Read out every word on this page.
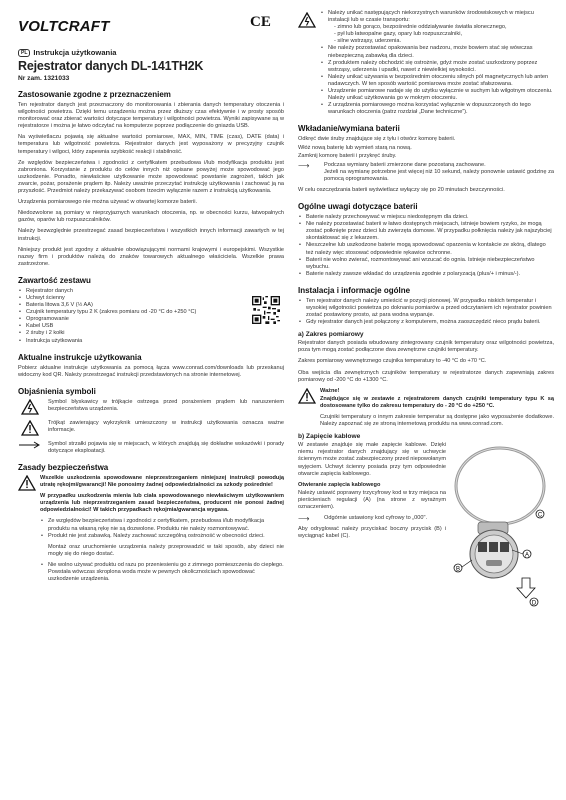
VOLTCRAFT
PL Instrukcja użytkowania
Rejestrator danych DL-141TH2K
Nr zam. 1321033
Zastosowanie zgodne z przeznaczeniem

Ten rejestrator danych jest przeznaczony do monitorowania i zbierania danych temperatury otoczenia i wilgotności powietrza. Dzięki temu urządzeniu można przez dłuższy czas efektywnie i w prosty sposób monitorować oraz zbierać wartości dotyczące temperatury i wilgotności powietrza. Wyniki zapisywane są w rejestratorze i można je łatwo odczytać na komputerze poprzez podłączenie do gniazda USB.

Na wyświetlaczu pojawią się aktualne wartości pomiarowe, MAX, MIN, TIME (czas), DATE (data) i temperatura lub wilgotność powietrza. Rejestrator danych jest wyposażony w precyzyjny czujnik temperatury i wilgoci, który zapewnia szybkość reakcji i stabilność.

Ze względów bezpieczeństwa i zgodności z certyfikatem przebudowa i/lub modyfikacja produktu jest zabroniona. Korzystanie z produktu do celów innych niż opisane powyżej może spowodować jego uszkodzenie. Ponadto, niewłaściwe użytkowanie może spowodować powstanie zagrożeń, takich jak zwarcie, pożar, porażenie prądem itp. Należy uważnie przeczytać instrukcję użytkowania i zachować ją na przyszłość. Przedmiot należy przekazywać osobom trzecim wyłącznie razem z instrukcją użytkowania.

Urządzenia pomiarowego nie można używać w otwartej komorze baterii.

Niedozwolone są pomiary w nieprzyjaznych warunkach otoczenia, np. w obecności kurzu, łatwopalnych gazów, oparów lub rozpuszczalników.

Należy bezwzględnie przestrzegać zasad bezpieczeństwa i wszystkich innych informacji zawartych w tej instrukcji.

Niniejszy produkt jest zgodny z aktualnie obowiązującymi normami krajowymi i europejskimi. Wszystkie nazwy firm i produktów należą do znaków towarowych aktualnego właściciela. Wszelkie prawa zastrzeżone.

Zawartość zestawu
• Rejestrator danych
• Uchwyt ścienny
• Bateria litowa 3,6 V (½ AA)
• Czujnik temperatury typu 2 K (zakres pomiaru od -20 °C do +250 °C)
• Oprogramowanie
• Kabel USB
• 2 śruby i 2 kołki
• Instrukcja użytkowania
Aktualne instrukcje użytkowania

Pobierz aktualne instrukcje użytkowania za pomocą łącza www.conrad.com/downloads lub przeskanuj widoczny kod QR. Należy przestrzegać instrukcji przedstawionych na stronie internetowej.

Objaśnienia symboli

Symbol błyskawicy w trójkącie ostrzega przed porażeniem prądem lub naruszeniem bezpieczeństwa urządzenia.

Trójkąt zawierający wykrzyknik umieszczony w instrukcji użytkowania oznacza ważne informacje.

Symbol strzałki pojawia się w miejscach, w których znajdują się dokładne wskazówki i porady dotyczące eksploatacji.

Zasady bezpieczeństwa

Wszelkie uszkodzenia spowodowane nieprzestrzeganiem niniejszej instrukcji powodują utratę rękojmi/gwarancji! Nie ponosimy żadnej odpowiedzialności za szkody pośrednie!

W przypadku uszkodzenia mienia lub ciała spowodowanego niewłaściwym użytkowaniem urządzenia lub nieprzestrzeganiem zasad bezpieczeństwa, producent nie ponosi żadnej odpowiedzialności! W takich przypadkach rękojmia/gwarancja wygasa.

• Ze względów bezpieczeństwa i zgodności z certyfikatem, przebudowa i/lub modyfikacja produktu na własną rękę nie są dozwolone. Produktu nie należy rozmontowywać.
• Produkt nie jest zabawką. Należy zachować szczególną ostrożność w obecności dzieci.

Montaż oraz uruchomienie urządzenia należy przeprowadzić w taki sposób, aby dzieci nie mogły się do niego dostać.

• Nie wolno używać produktu od razu po przeniesieniu go z zimnego pomieszczenia do ciepłego. Powstała wówczas skroplona woda może w pewnych okolicznościach spowodować uszkodzenie urządzenia.
CE
• Należy unikać następujących niekorzystnych warunków środowiskowych w miejscu instalacji lub w czasie transportu:
- zimno lub gorąco, bezpośrednie oddziaływanie światła słonecznego,
- pył lub łatwopalne gazy, opary lub rozpuszczalniki,
- silne wstrząsy, uderzenia.
• Nie należy pozostawiać opakowania bez nadzoru, może bowiem stać się wówczas niebezpieczną zabawką dla dzieci.
• Z produktem należy obchodzić się ostrożnie, gdyż może zostać uszkodzony poprzez wstrząsy, uderzenia i upadki, nawet z niewielkiej wysokości.
• Należy unikać używania w bezpośrednim otoczeniu silnych pól magnetycznych lub anten nadawczych. W ten sposób wartość pomiarowa może zostać sfałszowana.
• Urządzenie pomiarowe nadaje się do użytku wyłącznie w suchym lub wilgotnym otoczeniu. Należy unikać użytkowania go w mokrym otoczeniu.
• Z urządzenia pomiarowego można korzystać wyłącznie w dopuszczonych do tego warunkach otoczenia (patrz rozdział „Dane techniczne”).
Wkładanie/wymiana baterii

Odkręć dwie śruby znajdujące się z tyłu i otwórz komorę baterii.

Włóż nową baterię lub wymień starą na nową.

Zamknij komorę baterii i przykręć śruby.

⟶	Podczas wymiany baterii zmierzone dane pozostaną zachowane.

Jeżeli na wymianę potrzebne jest więcej niż 10 sekund, należy ponownie ustawić godzinę za pomocą oprogramowania.

W celu oszczędzania baterii wyświetlacz wyłączy się po 20 minutach bezczynności.

Ogólne uwagi dotyczące baterii
• Baterie należy przechowywać w miejscu niedostępnym dla dzieci.
• Nie należy pozostawiać baterii w łatwo dostępnych miejscach, istnieje bowiem ryzyko, że mogą zostać połknięte przez dzieci lub zwierzęta domowe. W przypadku połknięcia należy jak najszybciej skontaktować się z lekarzem.
• Nieszczelne lub uszkodzone baterie mogą spowodować oparzenia w kontakcie ze skórą, dlatego też należy więc stosować odpowiednie rękawice ochronne.
• Baterii nie wolno zwierać, rozmontowywać ani wrzucać do ognia. Istnieje niebezpieczeństwo wybuchu.
• Baterie należy zawsze wkładać do urządzenia zgodnie z polaryzacją (plus/+ i minus/-).
Instalacja i informacje ogólne
• Ten rejestrator danych należy umieścić w pozycji pionowej. W przypadku niskich temperatur i wysokiej wilgotności powietrza po doknaniu pomiarów a przed odczytaniem ich rejestrator powinien zostać postawiony prosto, aż para wodna wyparuje.
• Gdy rejestrator danych jest połączony z komputerem, można zaoszczędzić nieco prądu baterii.
a) Zakres pomiarowy

Rejestrator danych posiada wbudowany zintegrowany czujnik temperatury oraz wilgotności powietrza, poza tym mogą zostać podłączone dwa zewnętrzne czujniki temperatury.

Zakres pomiarowy wewnętrznego czujnika temperatury to -40 °C do +70 °C.

Oba wejścia dla zewnętrznych czujników temperatury w rejestratorze danych zapewniają zakres pomiarowy od -200 °C do +1300 °C.

Ważne!

Znajdujące się w zestawie z rejestratorem danych czujniki temperatury typu K są dostosowane tylko do zakresu temperatury do - 20 °C do +250 °C.

Czujniki temperatury o innym zakresie temperatur są dostępne jako wyposażenie dodatkowe. Należy zapoznać się ze stroną internetową produktu na www.conrad.com.

b) Zapięcie kablowe

W zestawie znajduje się małe zapięcie kablowe. Dzięki niemu rejestrator danych znajdujący się w uchwycie ściennym może zostać zabezpieczony przed niepowołanym wyjęciem. Uchwyt ścienny posiada przy tym odpowiednie otwarcie zapięcia kablowego.

Otwieranie zapięcia kablowego

Należy ustawić poprawny trzycyfrowy kod w trzy miejsca na pierścieniach regulacji (A) (na strone z wyrażnym oznaczeniem).

⟶	Odgórnie ustawiony kod cyfrowy to „000".

Aby odryglować należy przyciskać boczny przycisk (B) i wyciągnąć kabel (C).

A
C
B
D
